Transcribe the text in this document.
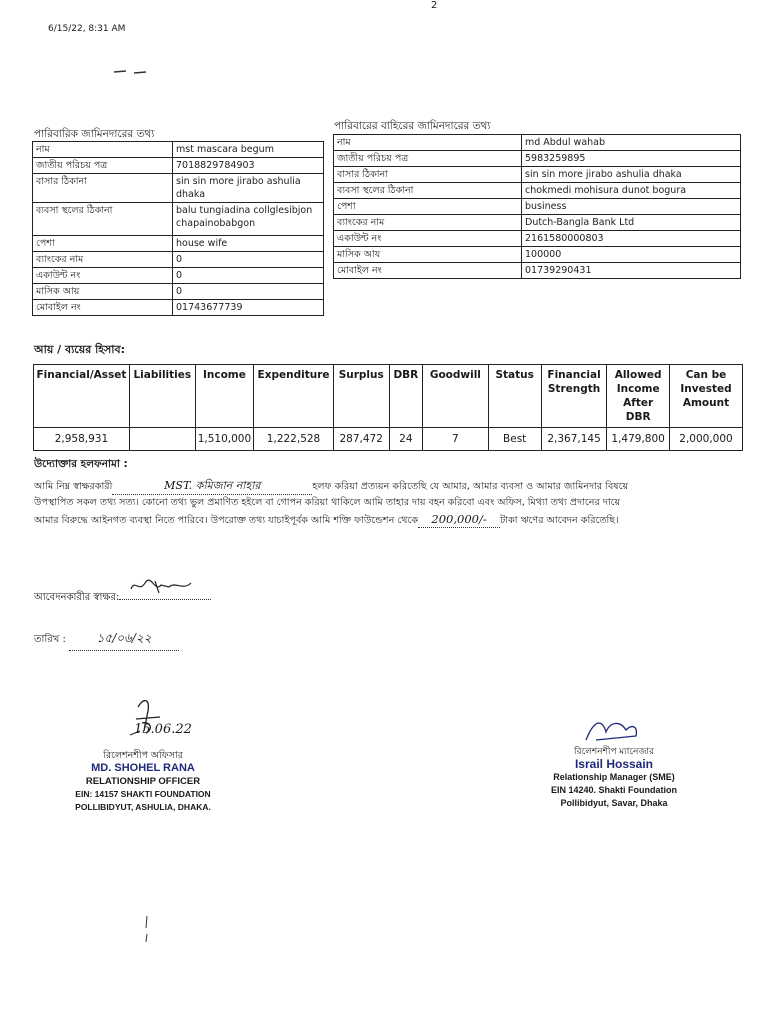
6/15/22, 8:31 AM
2
পারিবারিক জামিনদারের তথ্য
নাম	mst mascara begum
জাতীয় পরিচয় পত্র	7018829784903
বাসার ঠিকানা	sin sin more jirabo ashulia dhaka
ব্যবসা স্থলের ঠিকানা	balu tungiadina collglesibjon chapainobabgon
পেশা	house wife
ব্যাংকের নাম	0
একাউন্ট নং	0
মাসিক আয়	0
মোবাইল নং	01743677739
পারিবারের বাহিরের জামিনদারের তথ্য
নাম	md Abdul wahab
জাতীয় পরিচয় পত্র	5983259895
বাসার ঠিকানা	sin sin more jirabo ashulia dhaka
ব্যবসা স্থলের ঠিকানা	chokmedi mohisura dunot bogura
পেশা	business
ব্যাংকের নাম	Dutch-Bangla Bank Ltd
একাউন্ট নং	2161580000803
মাসিক আয	100000
মোবাইল নং	01739290431
আয় / ব্যয়ের হিসাব:
Financial/Asset	Liabilities	Income	Expenditure	Surplus	DBR	Goodwill	Status	Financial Strength	Allowed Income After DBR	Can be Invested Amount
2,958,931		1,510,000	1,222,528	287,472	24	7	Best	2,367,145	1,479,800	2,000,000
উদ্যোক্তার হলফনামা :
আমি নিম্ন স্বাক্ষরকারী	MST. কমিজান নাহার	হলফ করিয়া প্রত্যয়ন করিতেছি যে আমার, আমার ব্যবসা ও আমার জামিনদার বিষয়ে
উপস্থাপিত সকল তথ্য সত্য। কোনো তথ্য ভুল প্রমাণিত হইলে বা গোপন করিয়া থাকিলে আমি তাহার দায় বহন করিবো এবং অফিস, মিথ্যা তথ্য প্রদানের দায়ে
আমার বিরুদ্ধে আইনগত ব্যবস্থা নিতে পারিবে। উপরোক্ত তথ্য যাচাইপূর্বক আমি শক্তি ফাউন্ডেশন থেকে 200,000/- টাকা ঋণের আবেদন করিতেছি।
আবেদনকারীর স্বাক্ষর:
তারিখ :	১৫/০৬/২২
15.06.22
রিলেশনশীপ অফিসার
MD. SHOHEL RANA
RELATIONSHIP OFFICER
EIN: 14157 SHAKTI FOUNDATION
POLLIBIDYUT, ASHULIA, DHAKA.
রিলেশনশীপ ম্যানেজার
Israil Hossain
Relationship Manager (SME)
EIN 14240. Shakti Foundation
Pollibidyut, Savar, Dhaka
